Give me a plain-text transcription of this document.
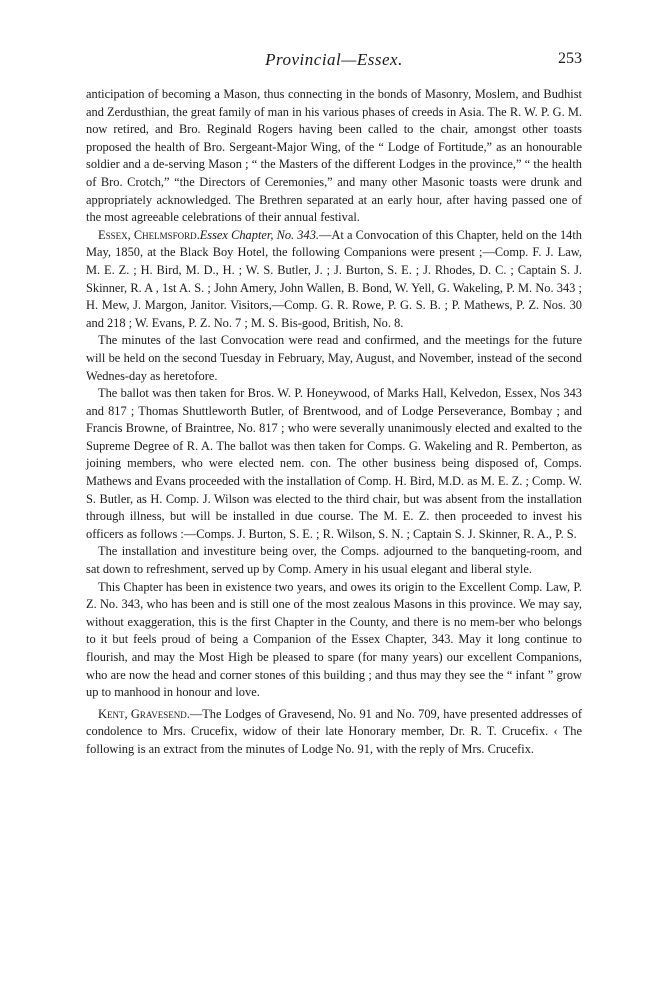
Provincial—Essex.	253

anticipation of becoming a Mason, thus connecting in the bonds of Masonry, Moslem, and Budhist and Zerdusthian, the great family of man in his various phases of creeds in Asia. The R. W. P. G. M. now retired, and Bro. Reginald Rogers having been called to the chair, amongst other toasts proposed the health of Bro. Sergeant-Major Wing, of the “ Lodge of Fortitude,” as an honourable soldier and a de-serving Mason ; “ the Masters of the different Lodges in the province,” “ the health of Bro. Crotch,” “the Directors of Ceremonies,” and many other Masonic toasts were drunk and appropriately acknowledged. The Brethren separated at an early hour, after having passed one of the most agreeable celebrations of their annual festival.

Essex, Chelmsford.Essex Chapter, No. 343.—At a Convocation of this Chapter, held on the 14th May, 1850, at the Black Boy Hotel, the following Companions were present ;—Comp. F. J. Law, M. E. Z. ; H. Bird, M. D., H. ; W. S. Butler, J. ; J. Burton, S. E. ; J. Rhodes, D. C. ; Captain S. J. Skinner, R. A , 1st A. S. ; John Amery, John Wallen, B. Bond, W. Yell, G. Wakeling, P. M. No. 343 ; H. Mew, J. Margon, Janitor. Visitors,—Comp. G. R. Rowe, P. G. S. B. ; P. Mathews, P. Z. Nos. 30 and 218 ; W. Evans, P. Z. No. 7 ; M. S. Bis-good, British, No. 8.

The minutes of the last Convocation were read and confirmed, and the meetings for the future will be held on the second Tuesday in February, May, August, and November, instead of the second Wednes-day as heretofore.

The ballot was then taken for Bros. W. P. Honeywood, of Marks Hall, Kelvedon, Essex, Nos 343 and 817 ; Thomas Shuttleworth Butler, of Brentwood, and of Lodge Perseverance, Bombay ; and Francis Browne, of Braintree, No. 817 ; who were severally unanimously elected and exalted to the Supreme Degree of R. A. The ballot was then taken for Comps. G. Wakeling and R. Pemberton, as joining members, who were elected nem. con. The other business being disposed of, Comps. Mathews and Evans proceeded with the installation of Comp. H. Bird, M.D. as M. E. Z. ; Comp. W. S. Butler, as H. Comp. J. Wilson was elected to the third chair, but was absent from the installation through illness, but will be installed in due course. The M. E. Z. then proceeded to invest his officers as follows :—Comps. J. Burton, S. E. ; R. Wilson, S. N. ; Captain S. J. Skinner, R. A., P. S.

The installation and investiture being over, the Comps. adjourned to the banqueting-room, and sat down to refreshment, served up by Comp. Amery in his usual elegant and liberal style.

This Chapter has been in existence two years, and owes its origin to the Excellent Comp. Law, P. Z. No. 343, who has been and is still one of the most zealous Masons in this province. We may say, without exaggeration, this is the first Chapter in the County, and there is no mem-ber who belongs to it but feels proud of being a Companion of the Essex Chapter, 343. May it long continue to flourish, and may the Most High be pleased to spare (for many years) our excellent Companions, who are now the head and corner stones of this building ; and thus may they see the “ infant ” grow up to manhood in honour and love.

Kent, Gravesend.—The Lodges of Gravesend, No. 91 and No. 709, have presented addresses of condolence to Mrs. Crucefix, widow of their late Honorary member, Dr. R. T. Crucefix. ‹ The following is an extract from the minutes of Lodge No. 91, with the reply of Mrs. Crucefix.
